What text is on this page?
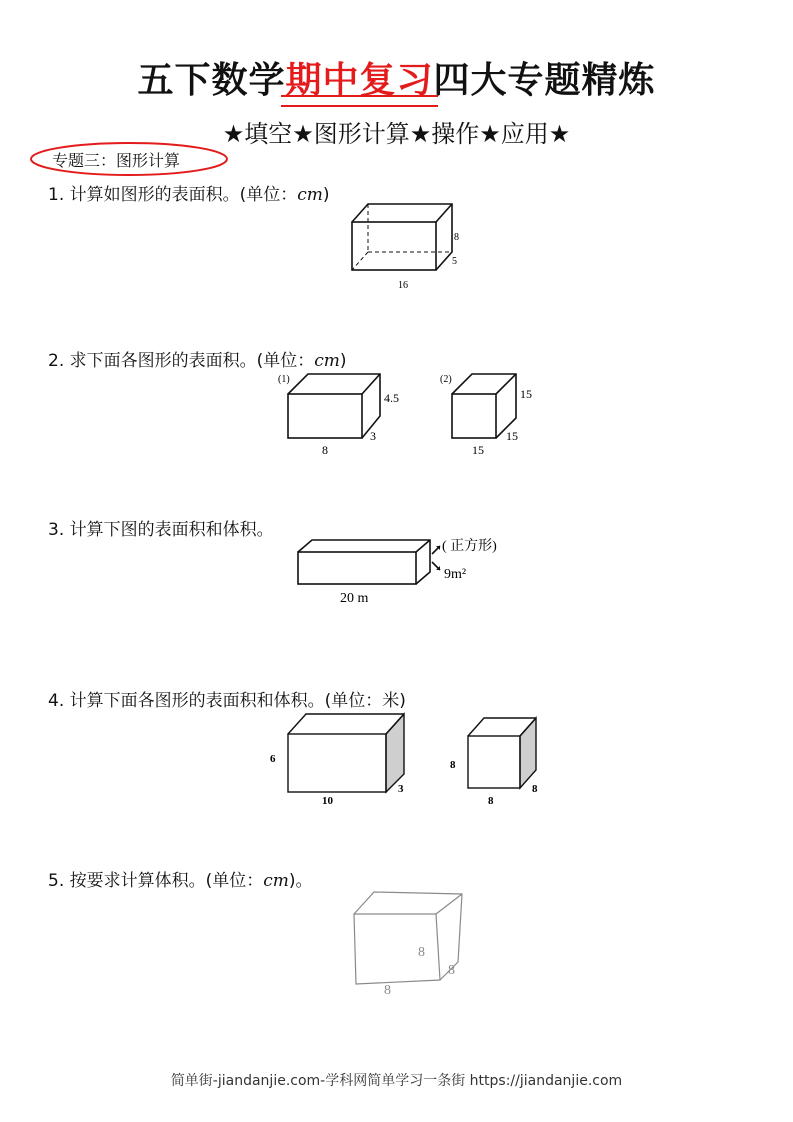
五下数学期中复习四大专题精炼
★填空★图形计算★操作★应用★
专题三：图形计算
1. 计算如图形的表面积。(单位：cm)
8
5
16
2. 求下面各图形的表面积。(单位：cm)
(1)
4.5
3
8
(2)
15
15
15
3. 计算下图的表面积和体积。
( 正方形)
9m²
20 m
4. 计算下面各图形的表面积和体积。(单位：米)
6
10
3
8
8
8
5. 按要求计算体积。(单位：cm)。
8
8
8
简单街-jiandanjie.com-学科网简单学习一条街 https://jiandanjie.com
